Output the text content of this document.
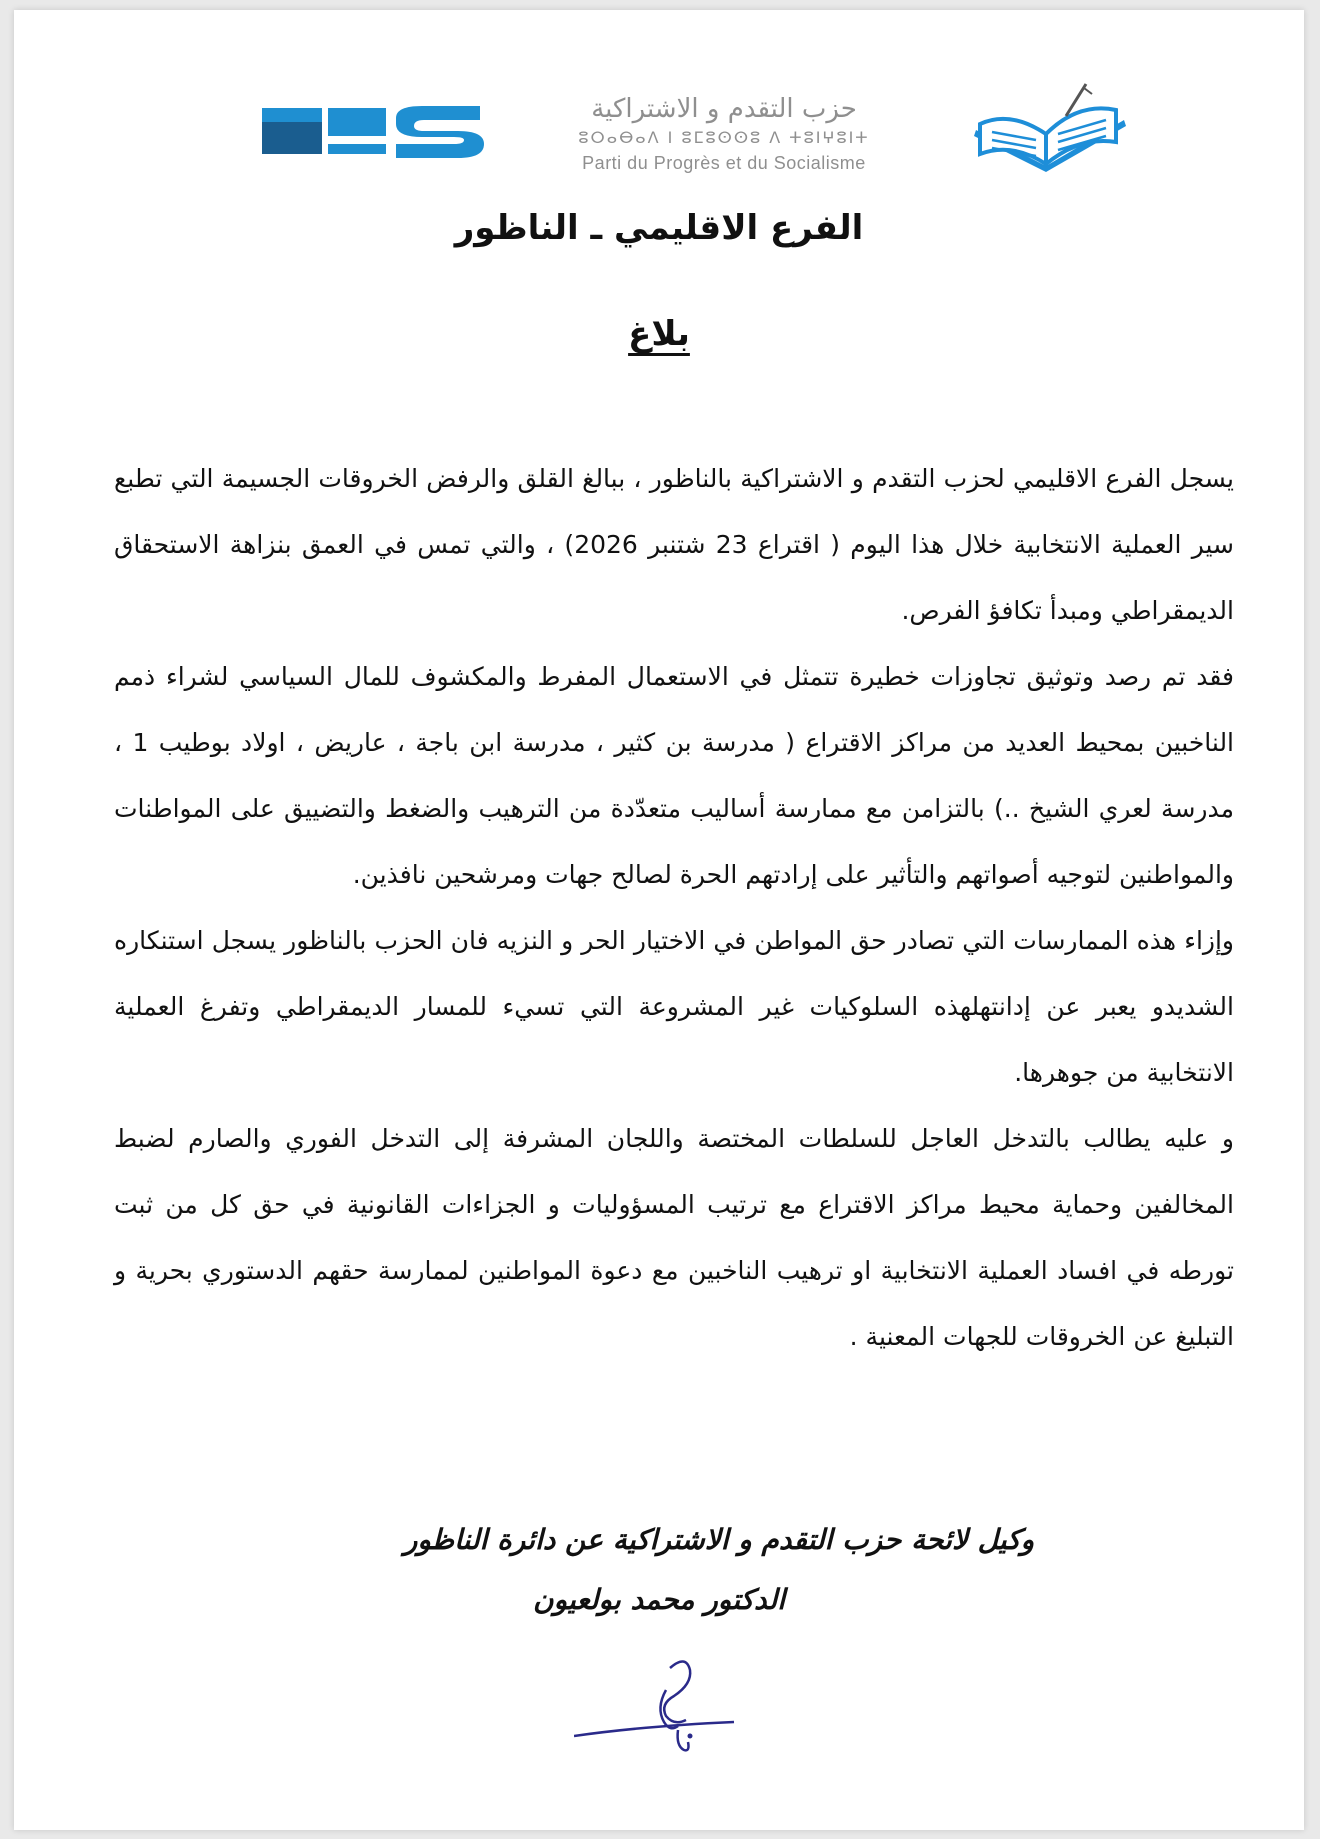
حزب التقدم و الاشتراكية
ⵓⵔⴰⴱⴰⴷ ⵏ ⵓⵎⵓⵙⵙⵓ ⴷ ⵜⵓⵏⵖⵓⵏⵜ
Parti du Progrès et du Socialisme
الفرع الاقليمي ـ الناظور
بلاغ

يسجل الفرع الاقليمي لحزب التقدم و الاشتراكية بالناظور ، ببالغ القلق والرفض الخروقات الجسيمة التي تطبع سير العملية الانتخابية خلال هذا اليوم ( اقتراع 23 شتنبر 2026) ، والتي تمس في العمق بنزاهة الاستحقاق الديمقراطي ومبدأ تكافؤ الفرص.

فقد تم رصد وتوثيق تجاوزات خطيرة تتمثل في الاستعمال المفرط والمكشوف للمال السياسي لشراء ذمم الناخبين بمحيط العديد من مراكز الاقتراع ( مدرسة بن كثير ، مدرسة ابن باجة ، عاريض ، اولاد بوطيب 1 ، مدرسة لعري الشيخ ..) بالتزامن مع ممارسة أساليب متعدّدة من الترهيب والضغط والتضييق على المواطنات والمواطنين لتوجيه أصواتهم والتأثير على إرادتهم الحرة لصالح جهات ومرشحين نافذين.

وإزاء هذه الممارسات التي تصادر حق المواطن في الاختيار الحر و النزيه فان الحزب بالناظور يسجل استنكاره الشديدو يعبر عن إدانتهلهذه السلوكيات غير المشروعة التي تسيء للمسار الديمقراطي وتفرغ العملية الانتخابية من جوهرها.

و عليه يطالب بالتدخل العاجل للسلطات المختصة واللجان المشرفة إلى التدخل الفوري والصارم لضبط المخالفين وحماية محيط مراكز الاقتراع مع ترتيب المسؤوليات و الجزاءات القانونية في حق كل من ثبت تورطه في افساد العملية الانتخابية او ترهيب الناخبين مع دعوة المواطنين لممارسة حقهم الدستوري بحرية و التبليغ عن الخروقات للجهات المعنية .

وكيل لائحة حزب التقدم و الاشتراكية عن دائرة الناظور
الدكتور محمد بولعيون
